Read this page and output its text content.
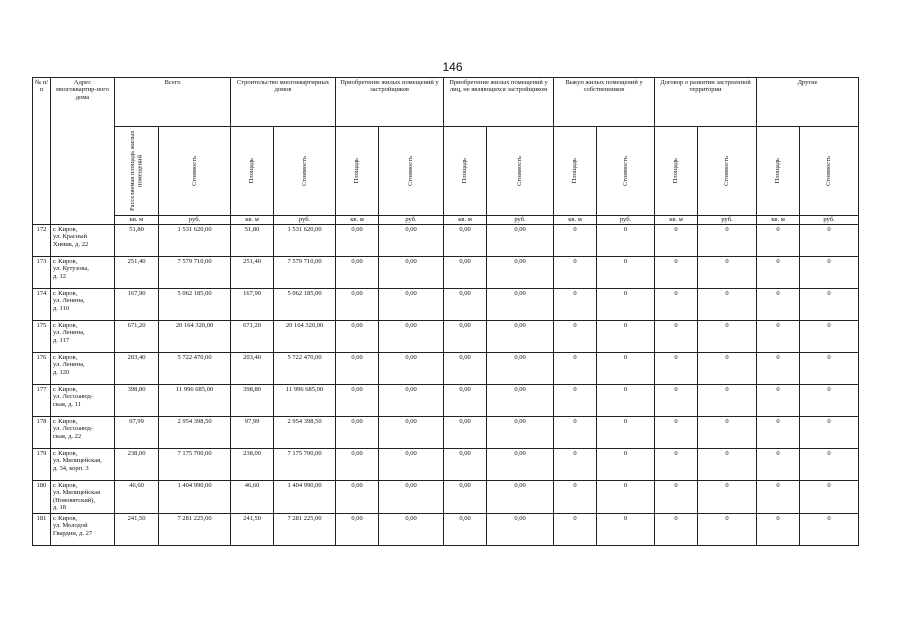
146
№ п/п	Адрес многоквартир-ного дома	Всего		Строительство многоквартирных домов		Приобретение жилых помещений у застройщиков		Приобретение жилых помещений у лиц, не являющихся застройщиком		Выкуп жилых помещений у собственников		Договор о развитии застроенной территории		Другие	

		Расселяемая площадь жилых помещений	Стоимость	Площадь	Стоимость	Площадь	Стоимость	Площадь	Стоимость	Площадь	Стоимость	Площадь	Стоимость	Площадь	Стоимость

		кв. м	руб.	кв. м	руб.	кв. м	руб.	кв. м	руб.	кв. м	руб.	кв. м	руб.	кв. м	руб.
172	г. Киров,
ул. Красный
Химик, д. 22	51,80	1 531 620,00	51,80	1 531 620,00	0,00	0,00	0,00	0,00	0	0	0	0	0	0
173	г. Киров,
ул. Кутузова,
д. 12	251,40	7 579 710,00	251,40	7 579 710,00	0,00	0,00	0,00	0,00	0	0	0	0	0	0
174	г. Киров,
ул. Ленина,
д. 110	167,90	5 062 185,00	167,90	5 062 185,00	0,00	0,00	0,00	0,00	0	0	0	0	0	0
175	г. Киров,
ул. Ленина,
д. 117	671,20	20 164 320,00	671,20	20 164 320,00	0,00	0,00	0,00	0,00	0	0	0	0	0	0
176	г. Киров,
ул. Ленина,
д. 120	203,40	5 722 470,00	203,40	5 722 470,00	0,00	0,00	0,00	0,00	0	0	0	0	0	0
177	г. Киров,
ул. Лесозавод-
ская, д. 11	398,80	11 996 685,00	398,80	11 996 685,00	0,00	0,00	0,00	0,00	0	0	0	0	0	0
178	г. Киров,
ул. Лесозавод-
ская, д. 22	97,99	2 954 398,50	97,99	2 954 398,50	0,00	0,00	0,00	0,00	0	0	0	0	0	0
179	г. Киров,
ул. Милицейская,
д. 34, корп. 3	238,00	7 175 700,00	238,00	7 175 700,00	0,00	0,00	0,00	0,00	0	0	0	0	0	0
180	г. Киров,
ул. Милицейская
(Нововятский),
д. 18	46,60	1 404 990,00	46,60	1 404 990,00	0,00	0,00	0,00	0,00	0	0	0	0	0	0
181	г. Киров,
ул. Молодой
Гвардии, д. 27	241,50	7 281 225,00	241,50	7 281 225,00	0,00	0,00	0,00	0,00	0	0	0	0	0	0
